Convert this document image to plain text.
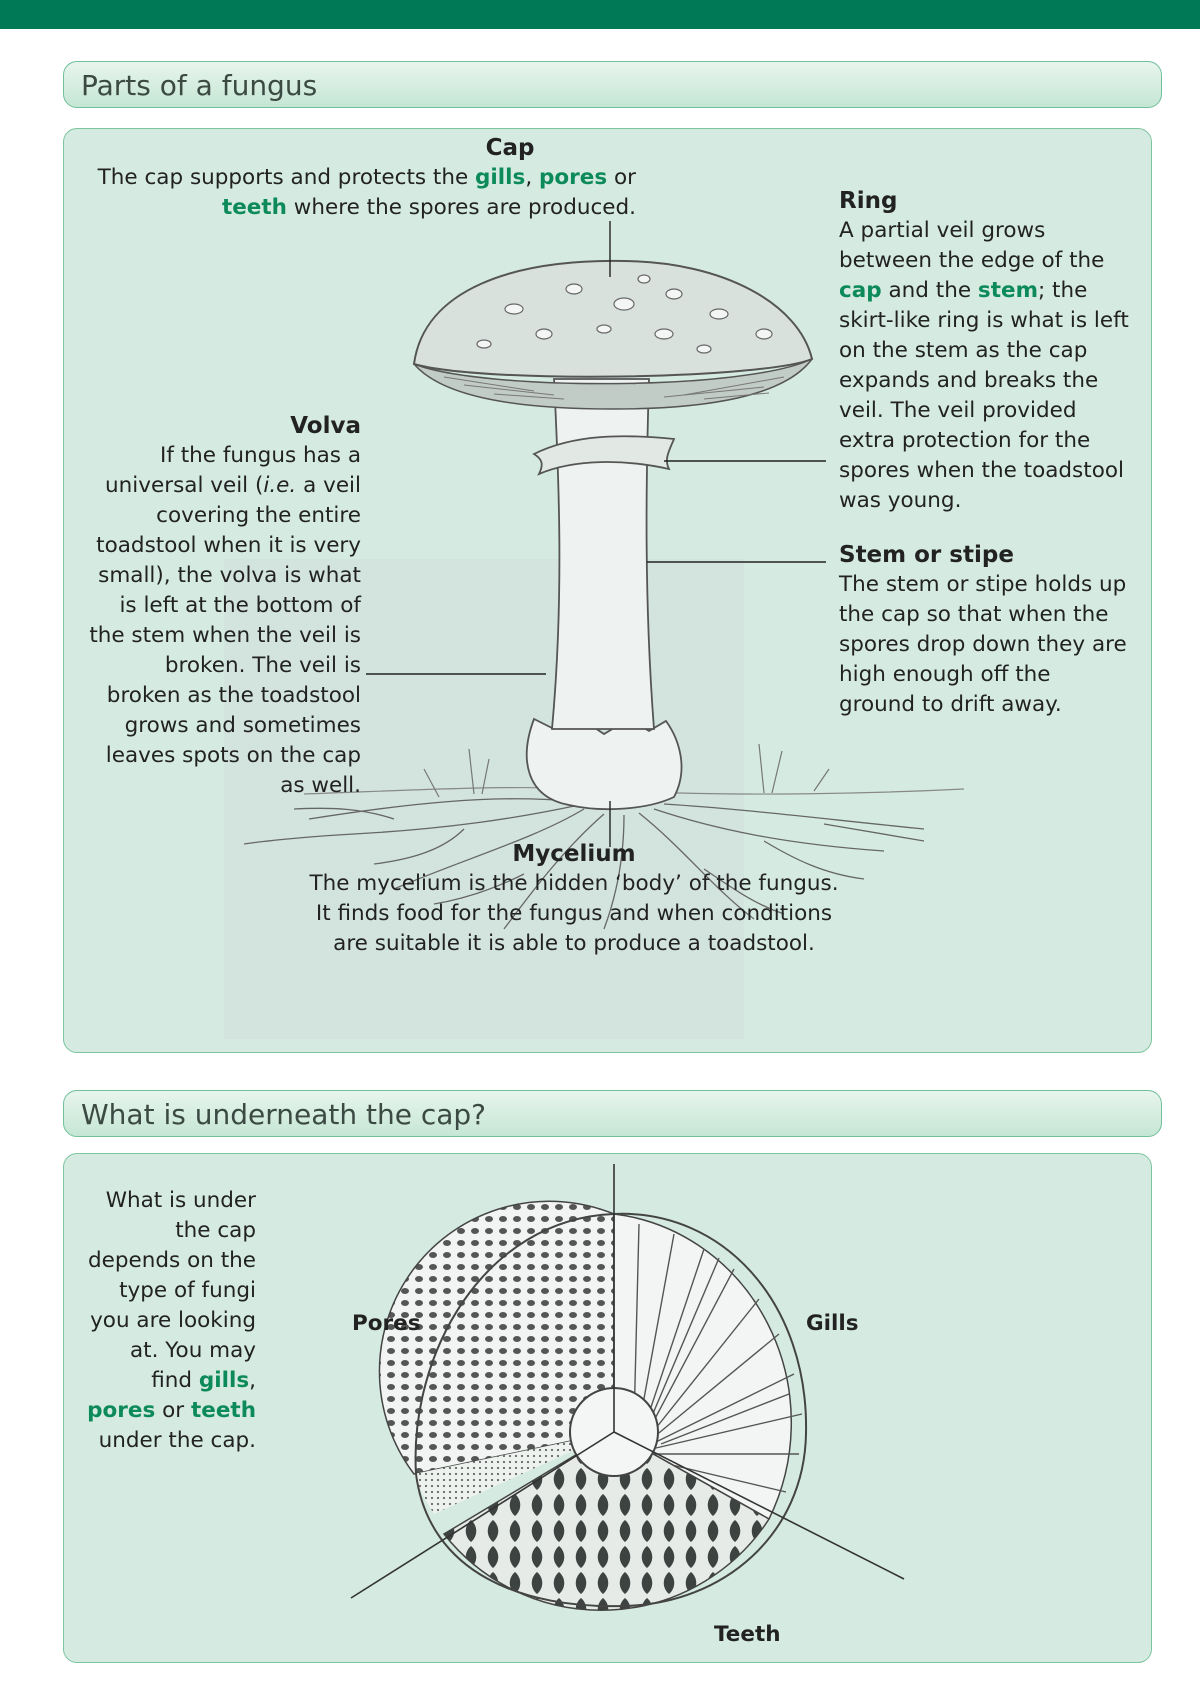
Parts of a fungus
Cap

The cap supports and protects the gills, pores or teeth where the spores are produced.	Ring

A partial veil grows between the edge of the cap and the stem; the skirt-like ring is what is left on the stem as the cap expands and breaks the veil. The veil provided extra protection for the spores when the toadstool was young.

Volva

If the fungus has a universal veil (i.e. a veil covering the entire toadstool when it is very small), the volva is what is left at the bottom of the stem when the veil is broken. The veil is broken as the toadstool grows and sometimes leaves spots on the cap as well.

Stem or stipe

The stem or stipe holds up the cap so that when the spores drop down they are high enough off the ground to drift away.

Mycelium

The mycelium is the hidden ‘body’ of the fungus.

It finds food for the fungus and when conditions

are suitable it is able to produce a toadstool.

What is underneath the cap?

What is under the cap depends on the type of fungi you are looking at. You may find gills, pores or teeth under the cap.

Pores	Gills
Teeth
